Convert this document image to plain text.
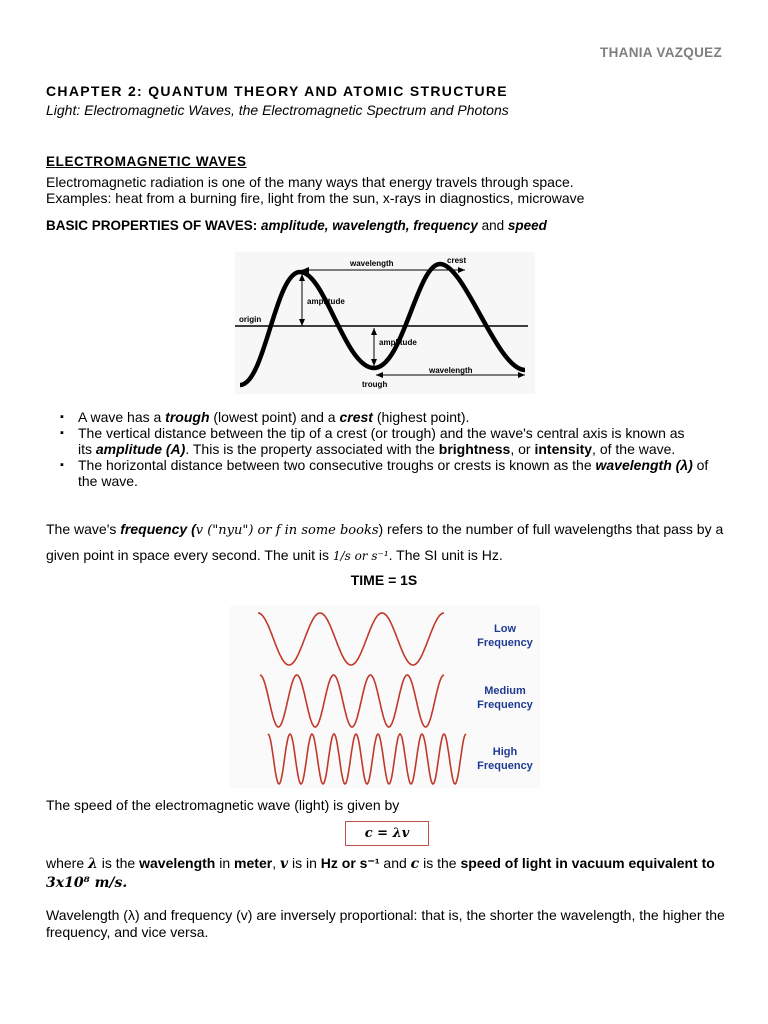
THANIA VAZQUEZ
CHAPTER 2: QUANTUM THEORY AND ATOMIC STRUCTURE
Light: Electromagnetic Waves, the Electromagnetic Spectrum and Photons
ELECTROMAGNETIC WAVES
Electromagnetic radiation is one of the many ways that energy travels through space.
Examples: heat from a burning fire, light from the sun, x-rays in diagnostics, microwave
BASIC PROPERTIES OF WAVES: amplitude, wavelength, frequency and speed
wavelength	crest
amplitude
origin
amplitude
wavelength
trough
▪ A wave has a trough (lowest point) and a crest (highest point).
▪ The vertical distance between the tip of a crest (or trough) and the wave's central axis is known as
its amplitude (A). This is the property associated with the brightness, or intensity, of the wave.
▪ The horizontal distance between two consecutive troughs or crests is known as the wavelength (λ) of
the wave.
The wave's frequency (v ("nyu") or f in some books) refers to the number of full wavelengths that pass by a
given point in space every second. The unit is 1/s or s⁻¹. The SI unit is Hz.
TIME = 1S
Low
Frequency
Medium
Frequency
High
Frequency
The speed of the electromagnetic wave (light) is given by
c = λv
where λ is the wavelength in meter, v is in Hz or s⁻¹ and c is the speed of light in vacuum equivalent to
3x10⁸ m/s.
Wavelength (λ) and frequency (v) are inversely proportional: that is, the shorter the wavelength, the higher the frequency, and vice versa.
